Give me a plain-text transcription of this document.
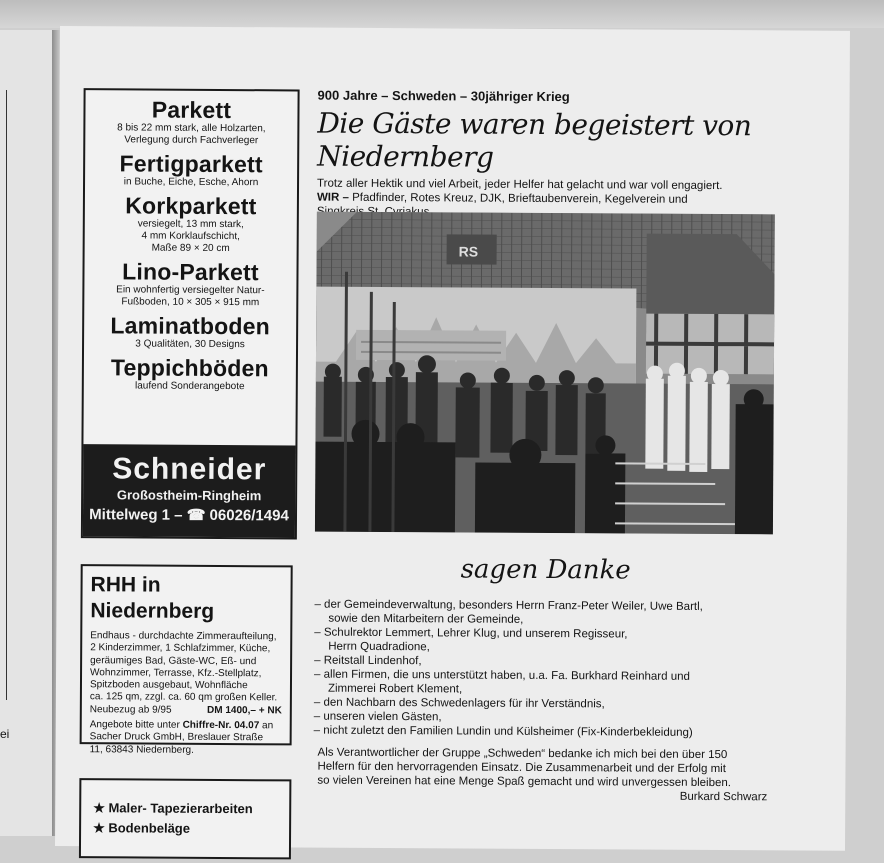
ei
Parkett
8 bis 22 mm stark, alle Holzarten,
Verlegung durch Fachverleger
Fertigparkett
in Buche, Eiche, Esche, Ahorn
Korkparkett
versiegelt, 13 mm stark,
4 mm Korklaufschicht,
Maße 89 × 20 cm
Lino-Parkett
Ein wohnfertig versiegelter Natur-
Fußboden, 10 × 305 × 915 mm
Laminatboden
3 Qualitäten, 30 Designs
Teppichböden
laufend Sonderangebote
Schneider
Großostheim-Ringheim
Mittelweg 1 – ☎ 06026/1494
RHH in Niedernberg
Endhaus - durchdachte Zimmeraufteilung,
2 Kinderzimmer, 1 Schlafzimmer, Küche,
geräumiges Bad, Gäste-WC, Eß- und
Wohnzimmer, Terrasse, Kfz.-Stellplatz,
Spitzboden ausgebaut, Wohnfläche
ca. 125 qm, zzgl. ca. 60 qm großen Keller.
Neubezug ab 9/95	DM 1400,– + NK
Angebote bitte unter Chiffre-Nr. 04.07 an
Sacher Druck GmbH, Breslauer Straße
11, 63843 Niedernberg.
★ Maler- Tapezierarbeiten
★ Bodenbeläge
900 Jahre – Schweden – 30jähriger Krieg
Die Gäste waren begeistert von Niedernberg
Trotz aller Hektik und viel Arbeit, jeder Helfer hat gelacht und war voll engagiert.
WIR – Pfadfinder, Rotes Kreuz, DJK, Brieftaubenverein, Kegelverein und

RS
sagen Danke
– der Gemeindeverwaltung, besonders Herrn Franz-Peter Weiler, Uwe Bartl,
sowie den Mitarbeitern der Gemeinde,
– Schulrektor Lemmert, Lehrer Klug, und unserem Regisseur,
Herrn Quadradione,
– Reitstall Lindenhof,
– allen Firmen, die uns unterstützt haben, u.a. Fa. Burkhard Reinhard und
Zimmerei Robert Klement,
– den Nachbarn des Schwedenlagers für ihr Verständnis,
– unseren vielen Gästen,
– nicht zuletzt den Familien Lundin und Külsheimer (Fix-Kinderbekleidung)
Als Verantwortlicher der Gruppe „Schweden“ bedanke ich mich bei den über 150
Helfern für den hervorragenden Einsatz. Die Zusammenarbeit und der Erfolg mit
so vielen Vereinen hat eine Menge Spaß gemacht und wird unvergessen bleiben.
Burkard Schwarz
